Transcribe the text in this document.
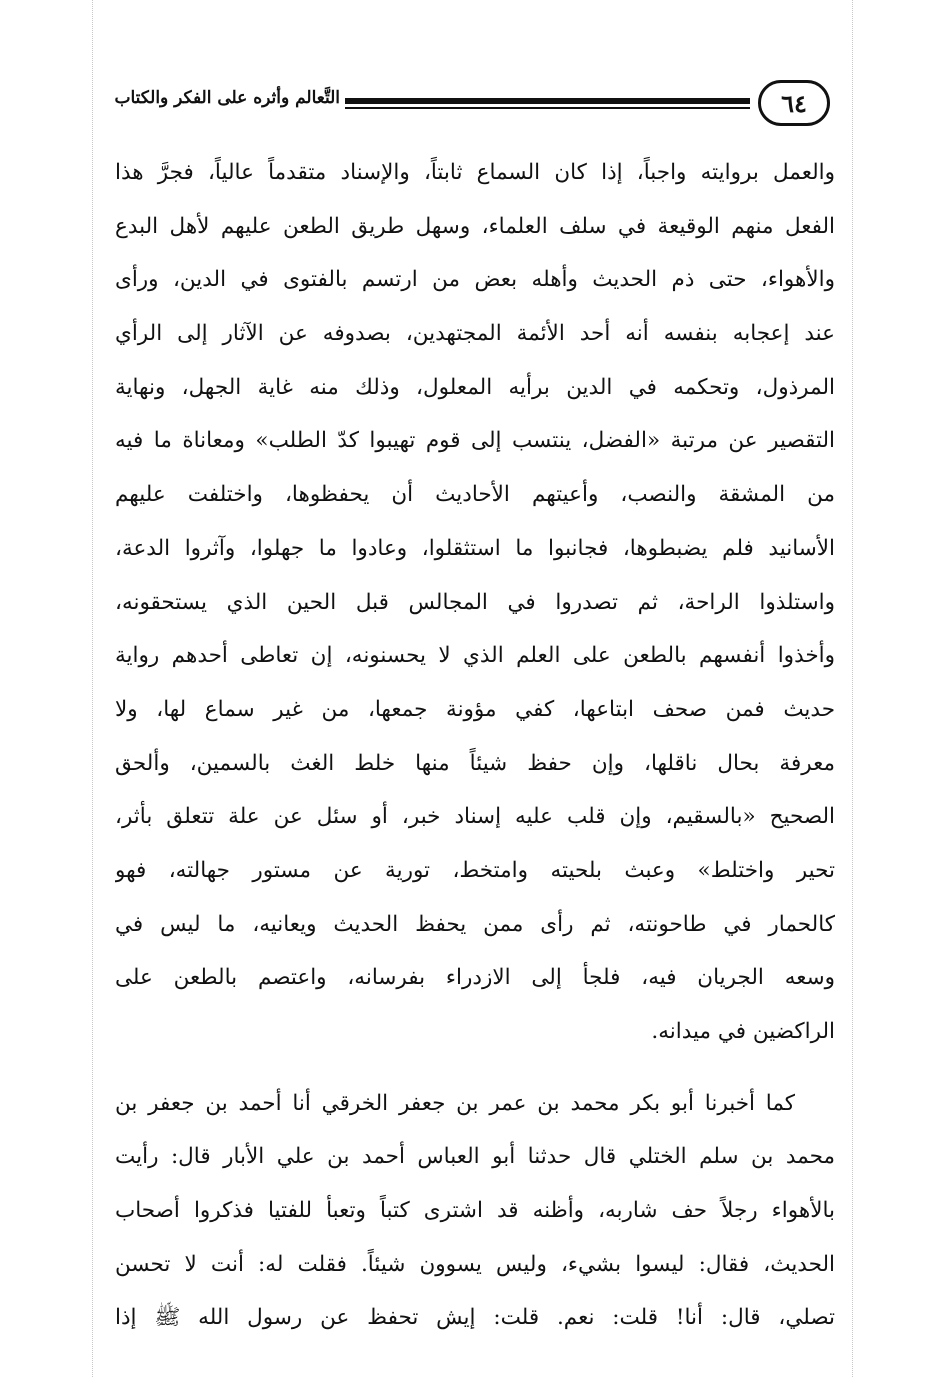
٦٤
التَّعالم وأثره على الفكر والكتاب
والعمل بروايته واجباً، إذا كان السماع ثابتاً، والإسناد متقدماً عالياً، فجرَّ هذا
الفعل منهم الوقيعة في سلف العلماء، وسهل طريق الطعن عليهم لأهل البدع
والأهواء، حتى ذم الحديث وأهله بعض من ارتسم بالفتوى في الدين، ورأى
عند إعجابه بنفسه أنه أحد الأئمة المجتهدين، بصدوفه عن الآثار إلى الرأي
المرذول، وتحكمه في الدين برأيه المعلول، وذلك منه غاية الجهل، ونهاية
التقصير عن مرتبة «الفضل، ينتسب إلى قوم تهيبوا كدّ الطلب» ومعاناة ما فيه
من المشقة والنصب، وأعيتهم الأحاديث أن يحفظوها، واختلفت عليهم
الأسانيد فلم يضبطوها، فجانبوا ما استثقلوا، وعادوا ما جهلوا، وآثروا الدعة،
واستلذوا الراحة، ثم تصدروا في المجالس قبل الحين الذي يستحقونه،
وأخذوا أنفسهم بالطعن على العلم الذي لا يحسنونه، إن تعاطى أحدهم رواية
حديث فمن صحف ابتاعها، كفي مؤونة جمعها، من غير سماع لها، ولا
معرفة بحال ناقلها، وإن حفظ شيئاً منها خلط الغث بالسمين، وألحق
الصحيح «بالسقيم، وإن قلب عليه إسناد خبر، أو سئل عن علة تتعلق بأثر،
تحير واختلط» وعبث بلحيته وامتخط، تورية عن مستور جهالته، فهو
كالحمار في طاحونته، ثم رأى ممن يحفظ الحديث ويعانيه، ما ليس في
وسعه الجريان فيه، فلجأ إلى الازدراء بفرسانه، واعتصم بالطعن على
الراكضين في ميدانه.
كما أخبرنا أبو بكر محمد بن عمر بن جعفر الخرقي أنا أحمد بن جعفر بن
محمد بن سلم الختلي قال حدثنا أبو العباس أحمد بن علي الأبار قال: رأيت
بالأهواء رجلاً حف شاربه، وأظنه قد اشترى كتباً وتعبأ للفتيا فذكروا أصحاب
الحديث، فقال: ليسوا بشيء، وليس يسوون شيئاً. فقلت له: أنت لا تحسن
تصلي، قال: أنا! قلت: نعم. قلت: إيش تحفظ عن رسول الله ﷺ إذا
